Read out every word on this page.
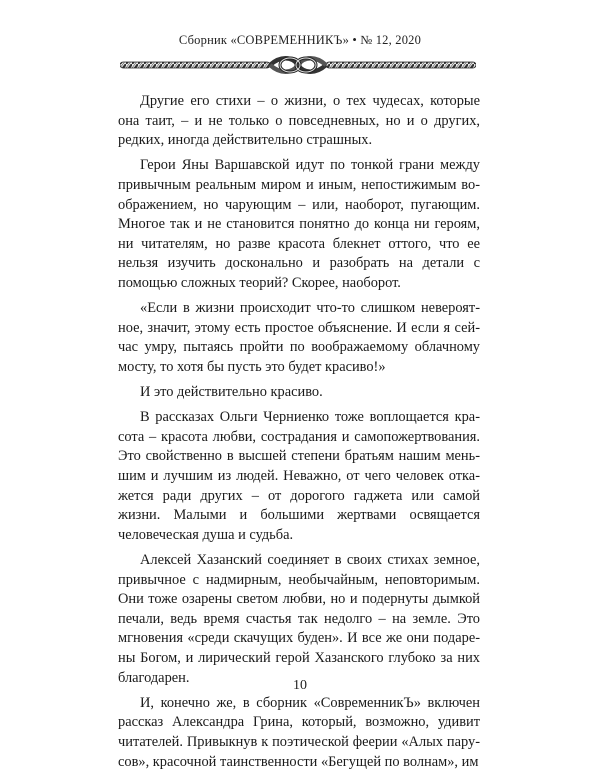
Сборник «СОВРЕМЕННИКЪ» • № 12, 2020

Другие его стихи – о жизни, о тех чудесах, которые она таит, – и не только о повседневных, но и о других, редких, иногда действительно страшных.

Герои Яны Варшавской идут по тонкой грани между привычным реальным миром и иным, непостижимым воображением, но чарующим – или, наоборот, пугающим. Многое так и не становится понятно до конца ни героям, ни читателям, но разве красота блекнет оттого, что ее нельзя изучить досконально и разобрать на детали с помощью сложных теорий? Скорее, наоборот.

«Если в жизни происходит что-то слишком невероятное, значит, этому есть простое объяснение. И если я сейчас умру, пытаясь пройти по воображаемому облачному мосту, то хотя бы пусть это будет красиво!»

И это действительно красиво.

В рассказах Ольги Черниенко тоже воплощается красота – красота любви, сострадания и самопожертвования. Это свойственно в высшей степени братьям нашим меньшим и лучшим из людей. Неважно, от чего человек откажется ради других – от дорогого гаджета или самой жизни. Малыми и большими жертвами освящается человеческая душа и судьба.

Алексей Хазанский соединяет в своих стихах земное, привычное с надмирным, необычайным, неповторимым. Они тоже озарены светом любви, но и подернуты дымкой печали, ведь время счастья так недолго – на земле. Это мгновения «среди скачущих буден». И все же они подарены Богом, и лирический герой Хазанского глубоко за них благодарен.

И, конечно же, в сборник «СовременникЪ» включен рассказ Александра Грина, который, возможно, удивит читателей. Привыкнув к поэтической феерии «Алых парусов», красочной таинственности «Бегущей по волнам», им

10
